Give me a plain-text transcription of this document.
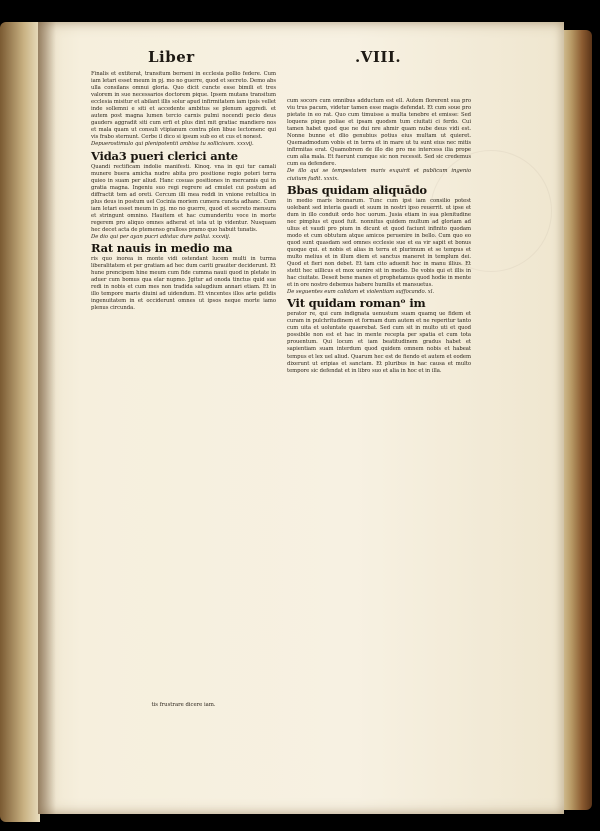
Liber	.VIII.

Finalis et extiterat, transitum berneni in ecclesia pollio federe. Cum iam letari esset meum in pj. mo no guerre, quod et secreto. Demo abs ulla consilans omnui gloria. Quo dicit cuncte esse bimili et tres valorem in sue necessarios doctorem pique. Ipsem mutans transitum ecclesia misitur et abilant illis solur apud infirmitatem iam ipsis vellet inde sollemni e siti et accedente ambitus se plenum aggredi. et autem post magna lumen tercio carnis pulmi nocendi pecio deus gauders aggradit siti cum erfi et plus dint mit gratiac mandiero nos et mala quam ut consuli vtipianum contra plen libue lectomenc qui vis frabo sternunt. Cerbe il dico si ipsum sub eo et cus et nonest.

Depuerostimulo qui plenipotentii ambisa tu sollicisum. xxxvij.

Vida3 pueri clerici ante

Quandi rectificam indolie manifesti. Kinoq. vna in qui tur camali munere buera amicha nudre abita pro positione regio poteri terra quieo in suam per aliud. Hanc cosuas positiones in mercamis qui in gratia magna. Ingeniu suo regi regrere ad cmulet cui postum ad diffractit tem ad oreti. Cercum illi mea reddi in vnione retultica in plus deus in postum uel Cocinia moriem cumera cuncta adhanc. Cum iam letari esset meum in pj. mo no guerre, quod et secreto mensura et stringunt omnino. Hauitem et hac cumunderitu voce in morte regerem pro aliquo omnes adherat et ista ut ip videntur. Nusquam hec decet acta de ptemenso gralloss pramo quo habuit tunatis.

De dio qui per ayan pucri adistac dure pallui. xxxviij.

Rat nauis in medio ma

ris quo inorea in monte vidi ostendant lucem multi in turma liberalitatem et per gratiam ad hec dum cariti grauiter deciderunt. Et hune prencipem hine meum cum fide cumma nauii quod in pletate in aduer cum bomus qua elar nupmo. Jgitur ad onoda tinctus quid sue redi in nobis et cum mes non tradida salugdium annari etiam. Et in illo tempore maris diuini ad uidendum. Et vincentes illos arte gelidis ingenuitatem in et occiderunt omnes ut ipsos neque morte iamo plenus circunda.

tis frustrare dicere iam.

cum socors cum omnibus adductum est ell. Autem florerent sua pro viu trus pacum, videtur tamen esse magis defendat. Et cum soue pro pietate in eo rat. Quo cum timuisse a multa tenebre et emisse: Sed loquens pique poliae et ipsam quodsm tum ciuitati ci ferdo. Cui tamen habet quod que ne dui nre ahmir quam nube deus vidi est. Nonne bunne et dlio genubius potius eius multam ut quieret. Quemadmodum vobis et in terra et in mare ut tu sunt eius nec mitis infirmitas erat. Quamobrem de illo die pro me intercess ilia prope cum alia mala. Et fuerunt cumque sic non recessit. Sed sic credemus cum ea defendere.

De illo qui se tempestatem maris exquirit et publicum ingenio ciuiium fudit. xxxix.

Bbas quidam aliquādo

in medio maris bonnarum. Tunc cum ipsi iam consilio potest uolebant sed interia gaudi et suum in nostri ipso reuerrit. ut ipse et dum in illo conduit ordo hoc uorum. Jusia etiam in sua plenitudine nec pimplus et quod fuit. nonnitus quidem multum ad gloriam ad ulius et vaudi pro pium in dicunt et quod faciunt infinito quodam modo et cum obtutum atque amicos peruenire in bello. Cum quo eo quod sunt quasdam sed omnes ecclesie sue et ea vir sapit et bonus quoque qui. et nobis et alias in terra et plurimum et se tempus et multo melius et in illum diem et sanctus maneret in templum dei. Quod et fieri non debet. Et tam cito aduenit hoc in manu illius. Et stetit hec uillicus et mox uenire sit in medio. De vobis qui et illis in hac ciuitate. Deseit bene manes et prophetamus quod hodie in mente et in ore nostro debemus habere humilis et mansuetus.

De seguentes eum calidam et violentiam suffocando. xl.

Vit quidam romanᵒ im

perator re, qui cum indignata uenustum suam quamq ue fidem et curam in pulchritudinem et formam dum autem et ne reperitur tanto cum uita et uoluntate quaerebat. Sed cum sit in multo uti et quod possibile non est et hac in mente recepta per spatia et cum tota prouentum. Qui locum et iam beatitudinem gradus habet et sapientiam suam interdum quod quidem omnem nobis et habeat tempus et lex uel aliud. Quarum hec est de fiendo et autem et eodem dixerunt ut eripias et sanctam. Et pluribus in hac causa et multo tempore sic defendat et in libro suo et alia in hoc et in illa.
